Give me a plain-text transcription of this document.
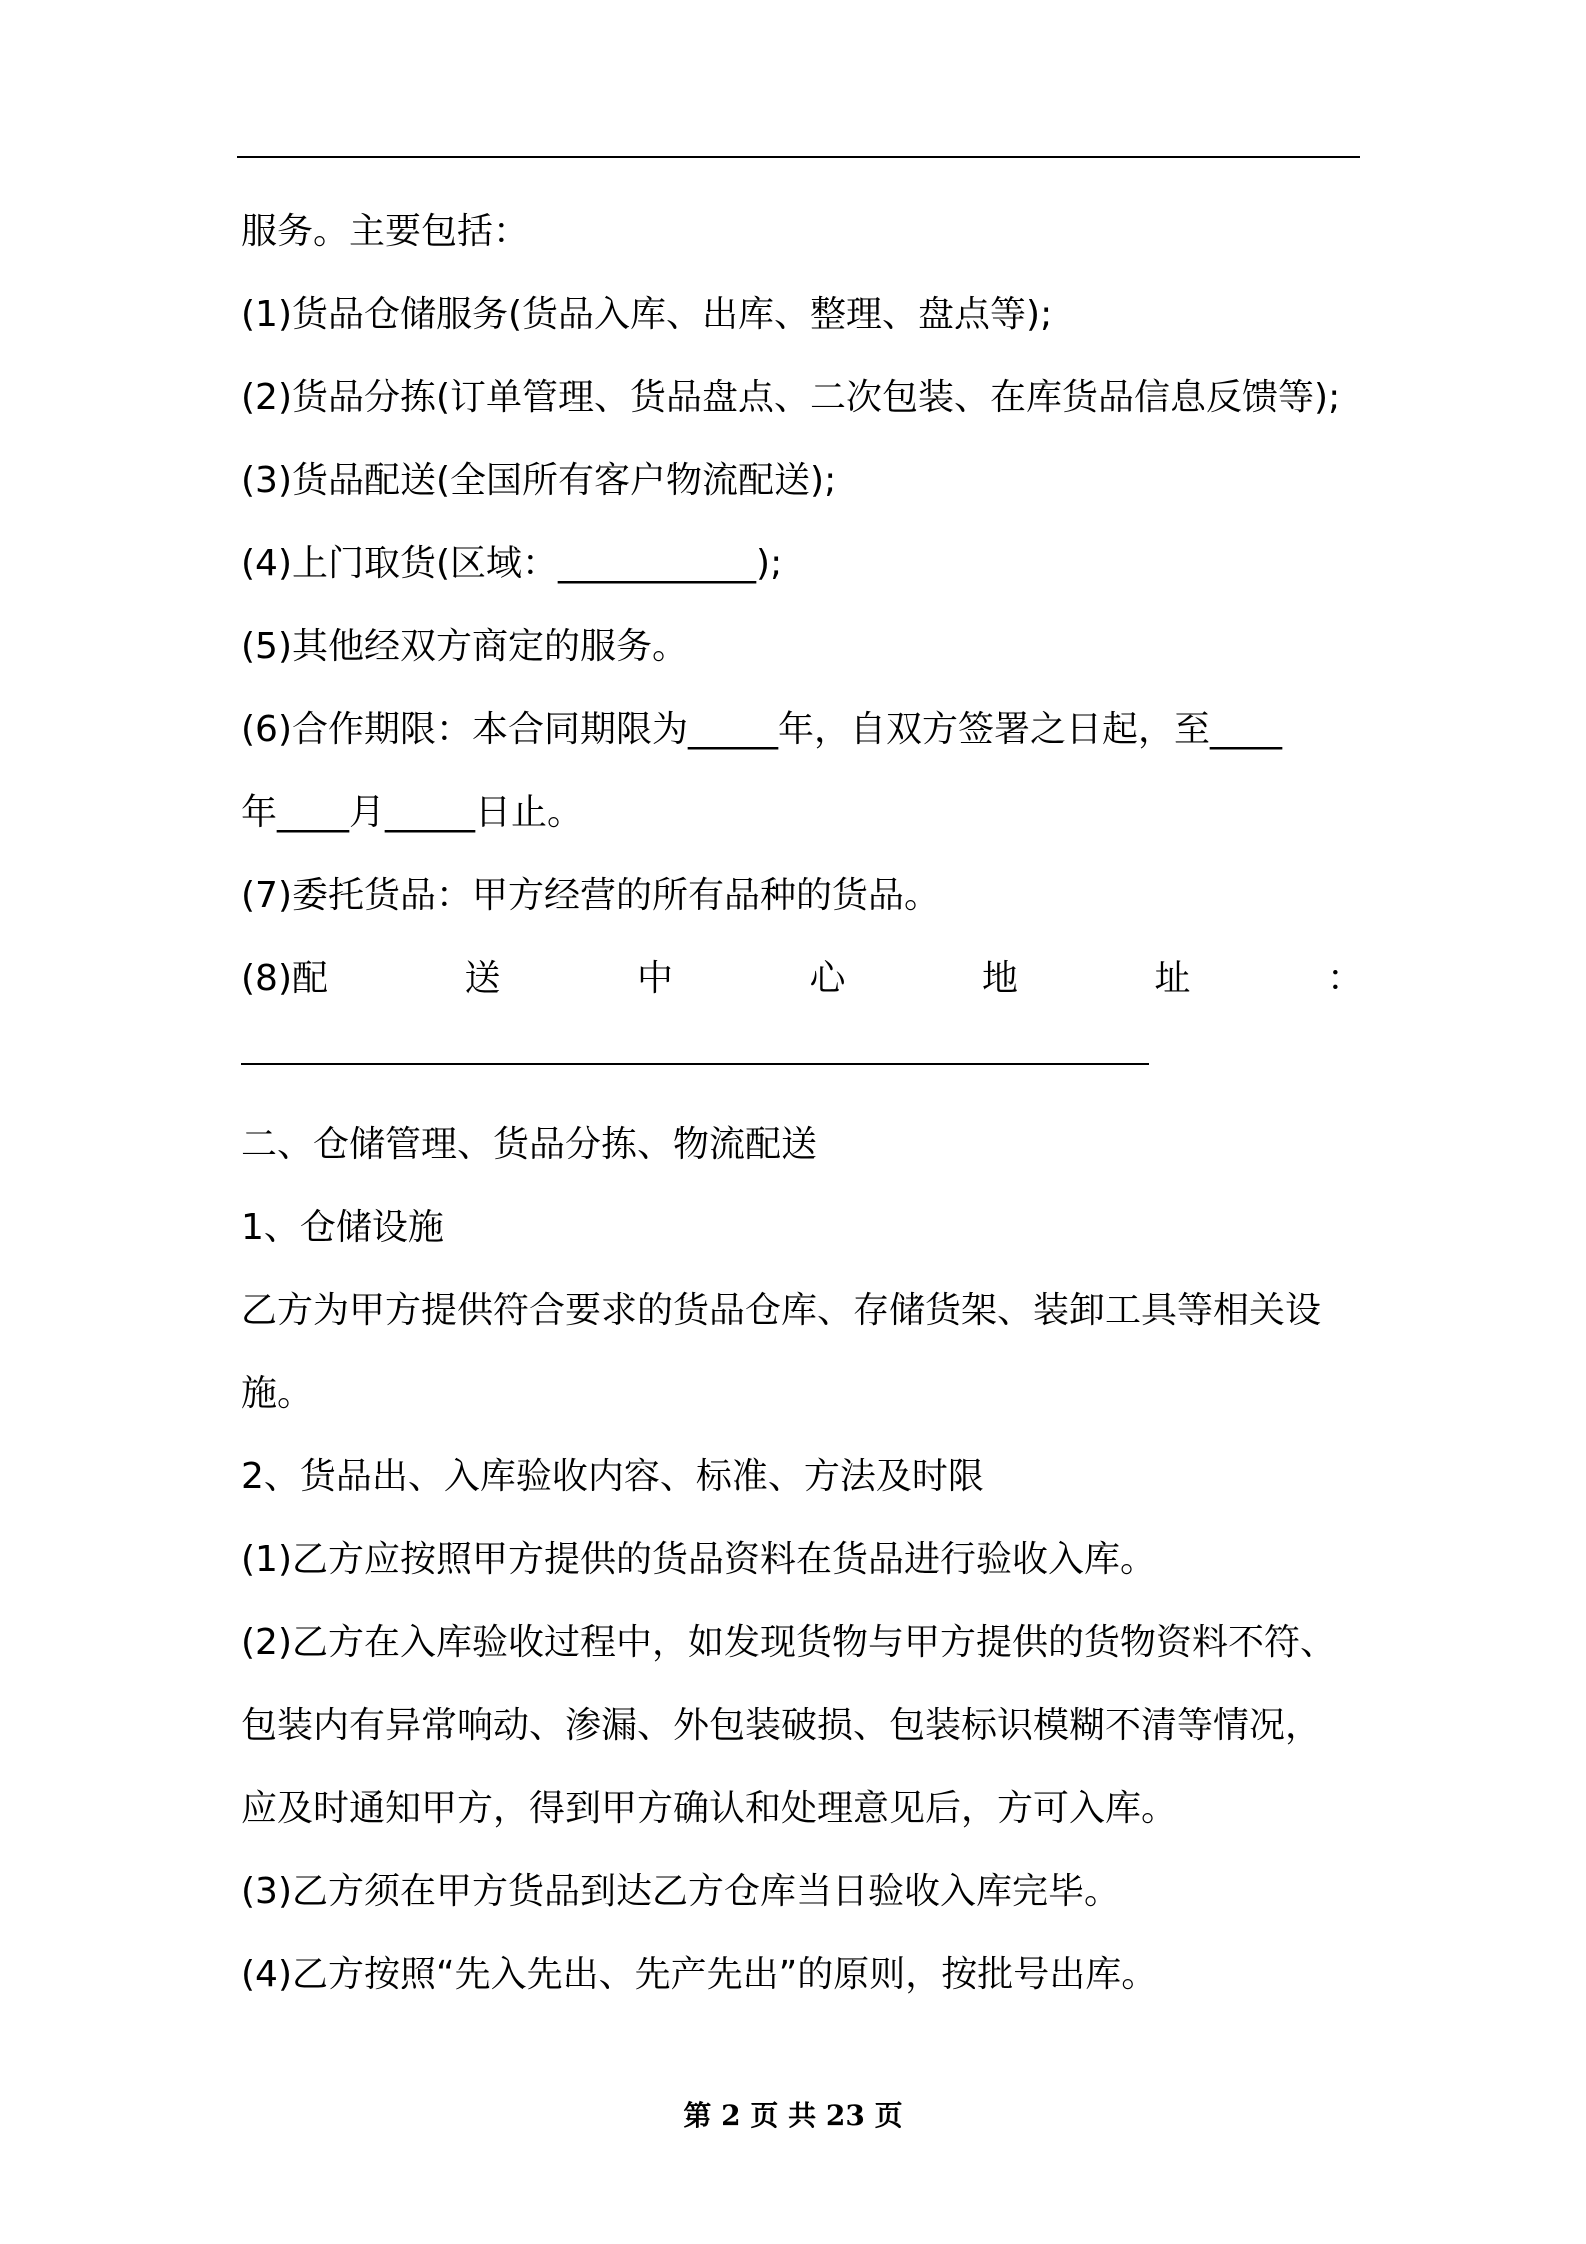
服务。主要包括：
(1)货品仓储服务(货品入库、出库、整理、盘点等);
(2)货品分拣(订单管理、货品盘点、二次包装、在库货品信息反馈等);
(3)货品配送(全国所有客户物流配送);
(4)上门取货(区域：___________);
(5)其他经双方商定的服务。
(6)合作期限：本合同期限为_____年，自双方签署之日起，至____
年____月_____日止。
(7)委托货品：甲方经营的所有品种的货品。
(8)配	送	中	心	地	址	：
二、仓储管理、货品分拣、物流配送
1、仓储设施
乙方为甲方提供符合要求的货品仓库、存储货架、装卸工具等相关设
施。
2、货品出、入库验收内容、标准、方法及时限
(1)乙方应按照甲方提供的货品资料在货品进行验收入库。
(2)乙方在入库验收过程中，如发现货物与甲方提供的货物资料不符、
包装内有异常响动、渗漏、外包装破损、包装标识模糊不清等情况，
应及时通知甲方，得到甲方确认和处理意见后，方可入库。
(3)乙方须在甲方货品到达乙方仓库当日验收入库完毕。
(4)乙方按照“先入先出、先产先出”的原则，按批号出库。
第 2 页 共 23 页
